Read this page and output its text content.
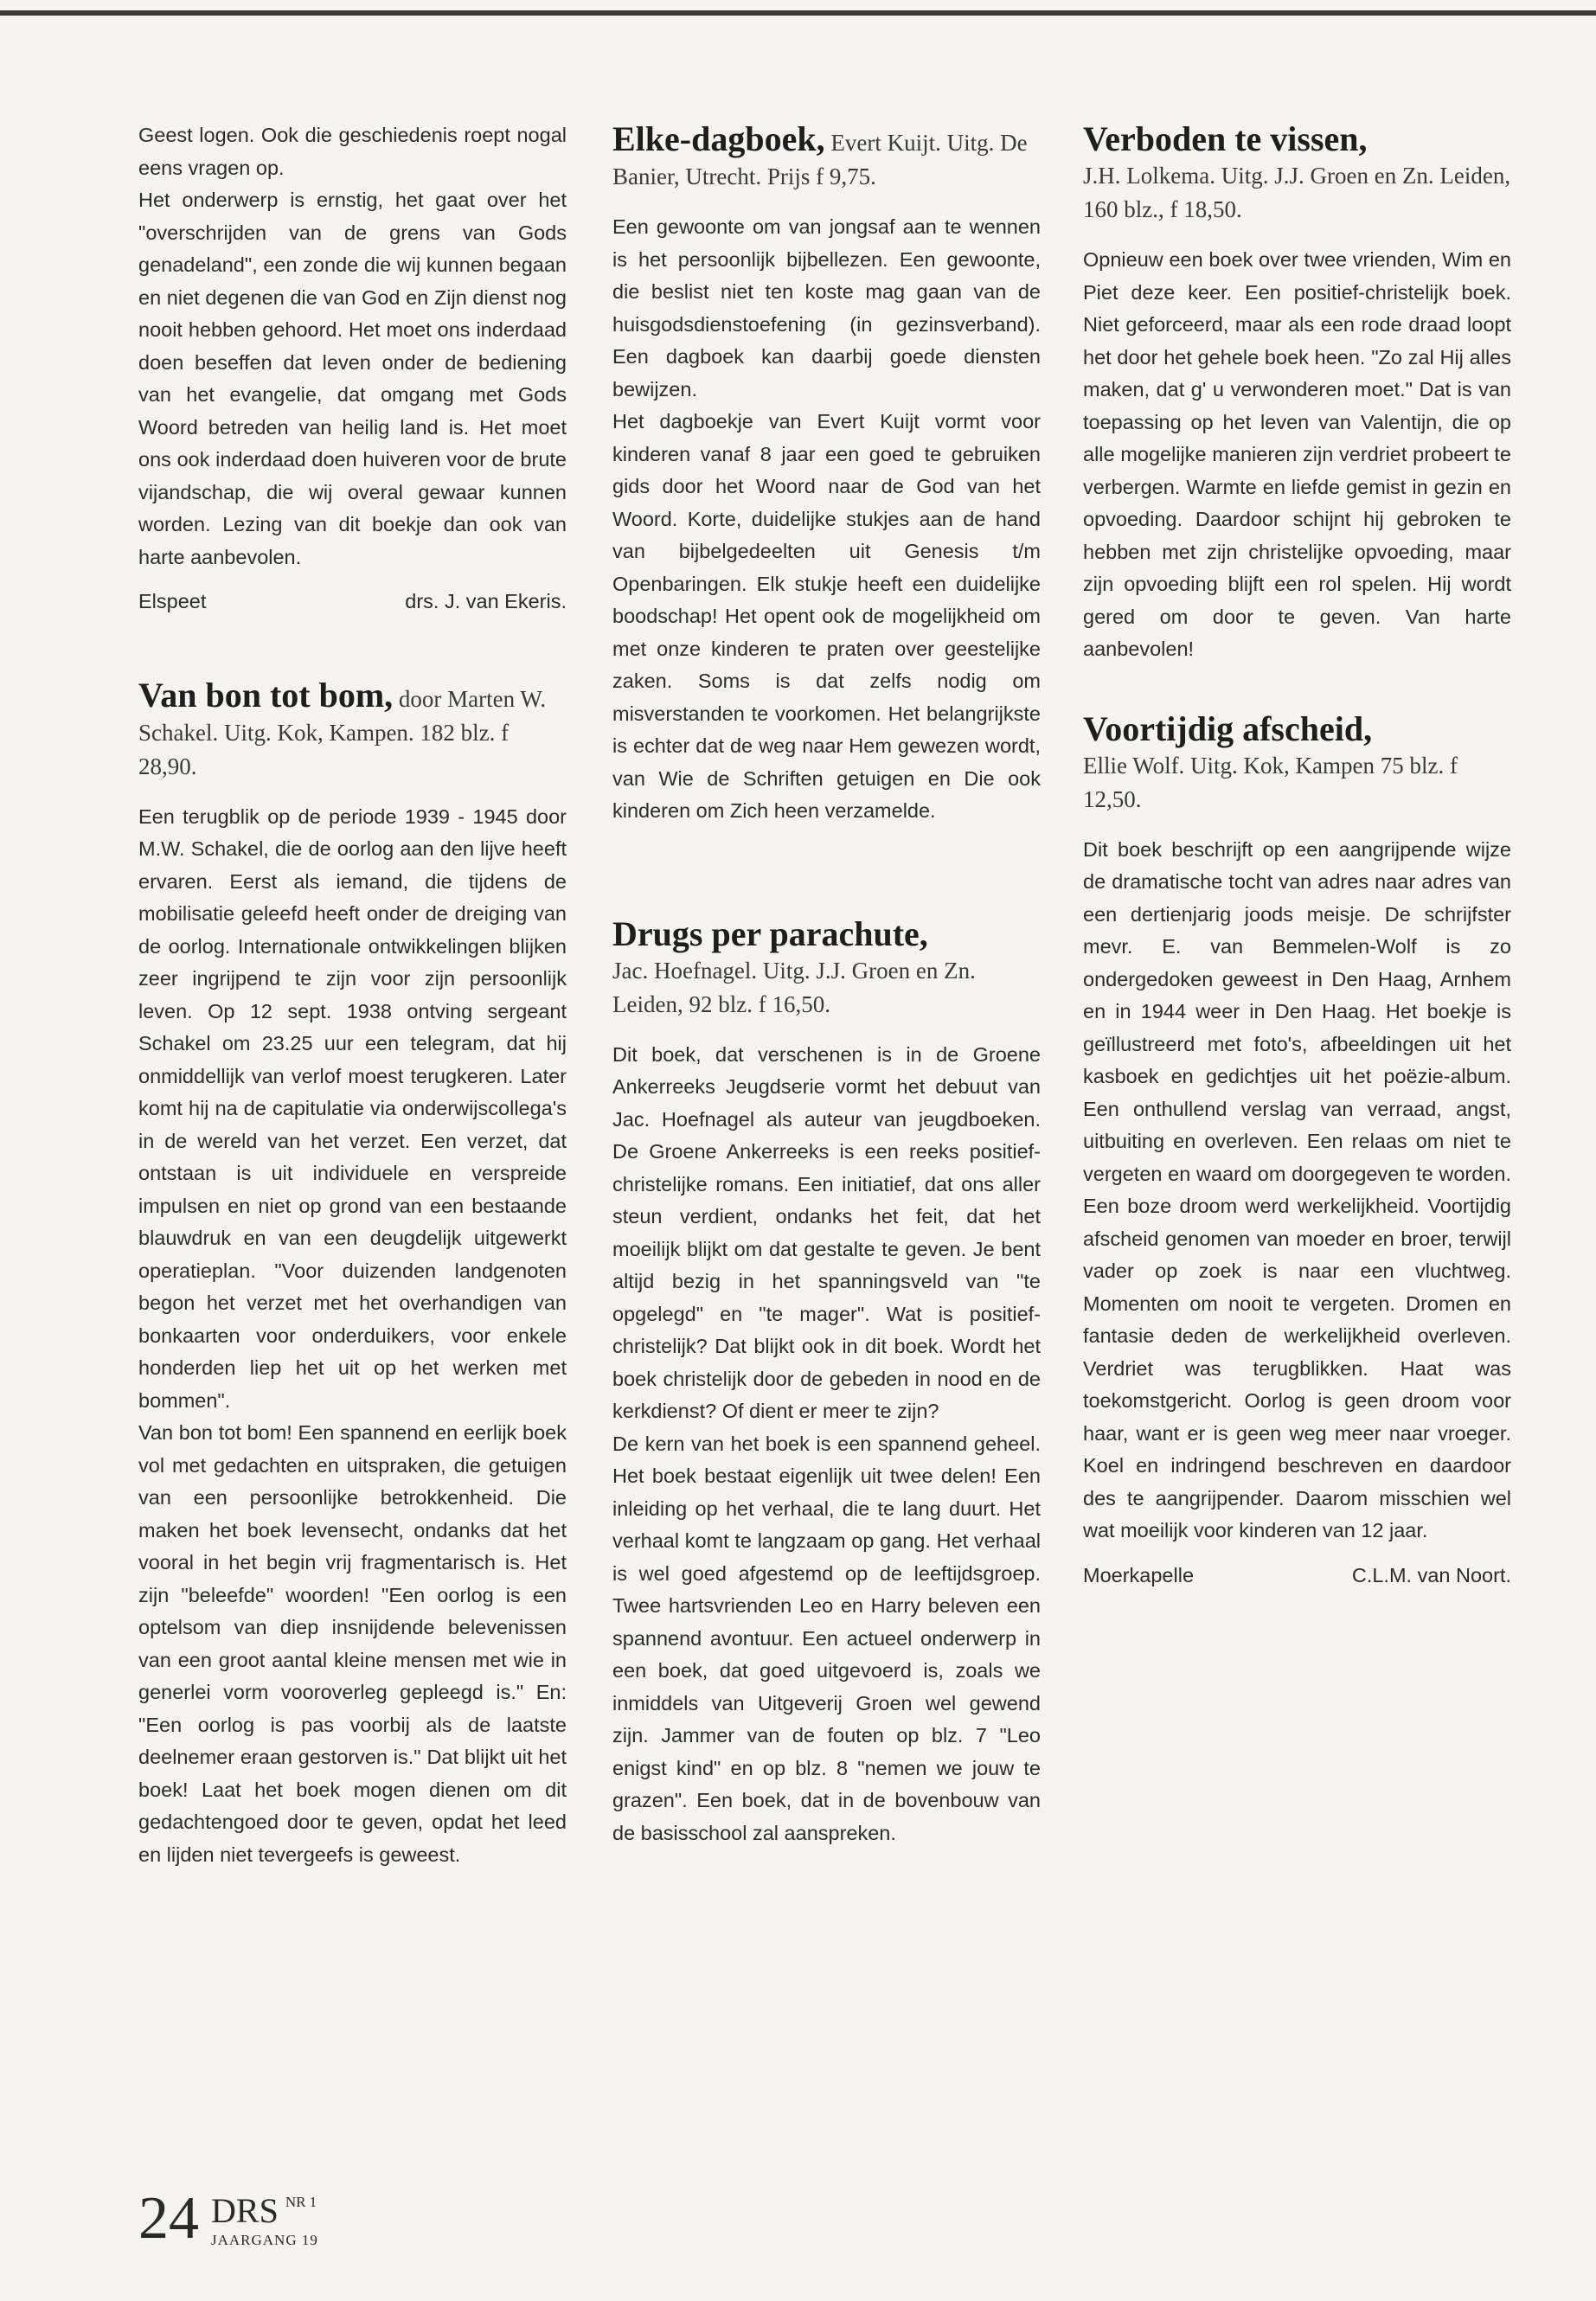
Geest logen. Ook die geschiedenis roept nogal eens vragen op.

Het onderwerp is ernstig, het gaat over het "overschrijden van de grens van Gods genadeland", een zonde die wij kunnen begaan en niet degenen die van God en Zijn dienst nog nooit hebben gehoord. Het moet ons inderdaad doen beseffen dat leven onder de bediening van het evangelie, dat omgang met Gods Woord betreden van heilig land is. Het moet ons ook inderdaad doen huiveren voor de brute vijandschap, die wij overal gewaar kunnen worden. Lezing van dit boekje dan ook van harte aanbevolen.

Elspeet	drs. J. van Ekeris.
Van bon tot bom, door Marten W. Schakel. Uitg. Kok, Kampen. 182 blz. f 28,90.

Een terugblik op de periode 1939 - 1945 door M.W. Schakel, die de oorlog aan den lijve heeft ervaren. Eerst als iemand, die tijdens de mobilisatie geleefd heeft onder de dreiging van de oorlog. Internationale ontwikkelingen blijken zeer ingrijpend te zijn voor zijn persoonlijk leven. Op 12 sept. 1938 ontving sergeant Schakel om 23.25 uur een telegram, dat hij onmiddellijk van verlof moest terugkeren. Later komt hij na de capitulatie via onderwijscollega's in de wereld van het verzet. Een verzet, dat ontstaan is uit individuele en verspreide impulsen en niet op grond van een bestaande blauwdruk en van een deugdelijk uitgewerkt operatieplan. "Voor duizenden landgenoten begon het verzet met het overhandigen van bonkaarten voor onderduikers, voor enkele honderden liep het uit op het werken met bommen".

Van bon tot bom! Een spannend en eerlijk boek vol met gedachten en uitspraken, die getuigen van een persoonlijke betrokkenheid. Die maken het boek levensecht, ondanks dat het vooral in het begin vrij fragmentarisch is. Het zijn "beleefde" woorden! "Een oorlog is een optelsom van diep insnijdende belevenissen van een groot aantal kleine mensen met wie in generlei vorm vooroverleg gepleegd is." En: "Een oorlog is pas voorbij als de laatste deelnemer eraan gestorven is." Dat blijkt uit het boek! Laat het boek mogen dienen om dit gedachtengoed door te geven, opdat het leed en lijden niet tevergeefs is geweest.

Elke-dagboek, Evert Kuijt. Uitg. De Banier, Utrecht. Prijs f 9,75.

Een gewoonte om van jongsaf aan te wennen is het persoonlijk bijbellezen. Een gewoonte, die beslist niet ten koste mag gaan van de huisgodsdienstoefening (in gezinsverband). Een dagboek kan daarbij goede diensten bewijzen.

Het dagboekje van Evert Kuijt vormt voor kinderen vanaf 8 jaar een goed te gebruiken gids door het Woord naar de God van het Woord. Korte, duidelijke stukjes aan de hand van bijbelgedeelten uit Genesis t/m Openbaringen. Elk stukje heeft een duidelijke boodschap! Het opent ook de mogelijkheid om met onze kinderen te praten over geestelijke zaken. Soms is dat zelfs nodig om misverstanden te voorkomen. Het belangrijkste is echter dat de weg naar Hem gewezen wordt, van Wie de Schriften getuigen en Die ook kinderen om Zich heen verzamelde.

Drugs per parachute,
Jac. Hoefnagel. Uitg. J.J. Groen en Zn. Leiden, 92 blz. f 16,50.

Dit boek, dat verschenen is in de Groene Ankerreeks Jeugdserie vormt het debuut van Jac. Hoefnagel als auteur van jeugdboeken. De Groene Ankerreeks is een reeks positief-christelijke romans. Een initiatief, dat ons aller steun verdient, ondanks het feit, dat het moeilijk blijkt om dat gestalte te geven. Je bent altijd bezig in het spanningsveld van "te opgelegd" en "te mager". Wat is positief-christelijk? Dat blijkt ook in dit boek. Wordt het boek christelijk door de gebeden in nood en de kerkdienst? Of dient er meer te zijn?

De kern van het boek is een spannend geheel. Het boek bestaat eigenlijk uit twee delen! Een inleiding op het verhaal, die te lang duurt. Het verhaal komt te langzaam op gang. Het verhaal is wel goed afgestemd op de leeftijdsgroep. Twee hartsvrienden Leo en Harry beleven een spannend avontuur. Een actueel onderwerp in een boek, dat goed uitgevoerd is, zoals we inmiddels van Uitgeverij Groen wel gewend zijn. Jammer van de fouten op blz. 7 "Leo enigst kind" en op blz. 8 "nemen we jouw te grazen". Een boek, dat in de bovenbouw van de basisschool zal aanspreken.

Verboden te vissen,
J.H. Lolkema. Uitg. J.J. Groen en Zn. Leiden, 160 blz., f 18,50.

Opnieuw een boek over twee vrienden, Wim en Piet deze keer. Een positief-christelijk boek. Niet geforceerd, maar als een rode draad loopt het door het gehele boek heen. "Zo zal Hij alles maken, dat g' u verwonderen moet." Dat is van toepassing op het leven van Valentijn, die op alle mogelijke manieren zijn verdriet probeert te verbergen. Warmte en liefde gemist in gezin en opvoeding. Daardoor schijnt hij gebroken te hebben met zijn christelijke opvoeding, maar zijn opvoeding blijft een rol spelen. Hij wordt gered om door te geven. Van harte aanbevolen!

Voortijdig afscheid,
Ellie Wolf. Uitg. Kok, Kampen 75 blz. f 12,50.

Dit boek beschrijft op een aangrijpende wijze de dramatische tocht van adres naar adres van een dertienjarig joods meisje. De schrijfster mevr. E. van Bemmelen-Wolf is zo ondergedoken geweest in Den Haag, Arnhem en in 1944 weer in Den Haag. Het boekje is geïllustreerd met foto's, afbeeldingen uit het kasboek en gedichtjes uit het poëzie-album. Een onthullend verslag van verraad, angst, uitbuiting en overleven. Een relaas om niet te vergeten en waard om doorgegeven te worden. Een boze droom werd werkelijkheid. Voortijdig afscheid genomen van moeder en broer, terwijl vader op zoek is naar een vluchtweg. Momenten om nooit te vergeten. Dromen en fantasie deden de werkelijkheid overleven. Verdriet was terugblikken. Haat was toekomstgericht. Oorlog is geen droom voor haar, want er is geen weg meer naar vroeger. Koel en indringend beschreven en daardoor des te aangrijpender. Daarom misschien wel wat moeilijk voor kinderen van 12 jaar.

Moerkapelle	C.L.M. van Noort.
24 DRS NR 1
JAARGANG 19
